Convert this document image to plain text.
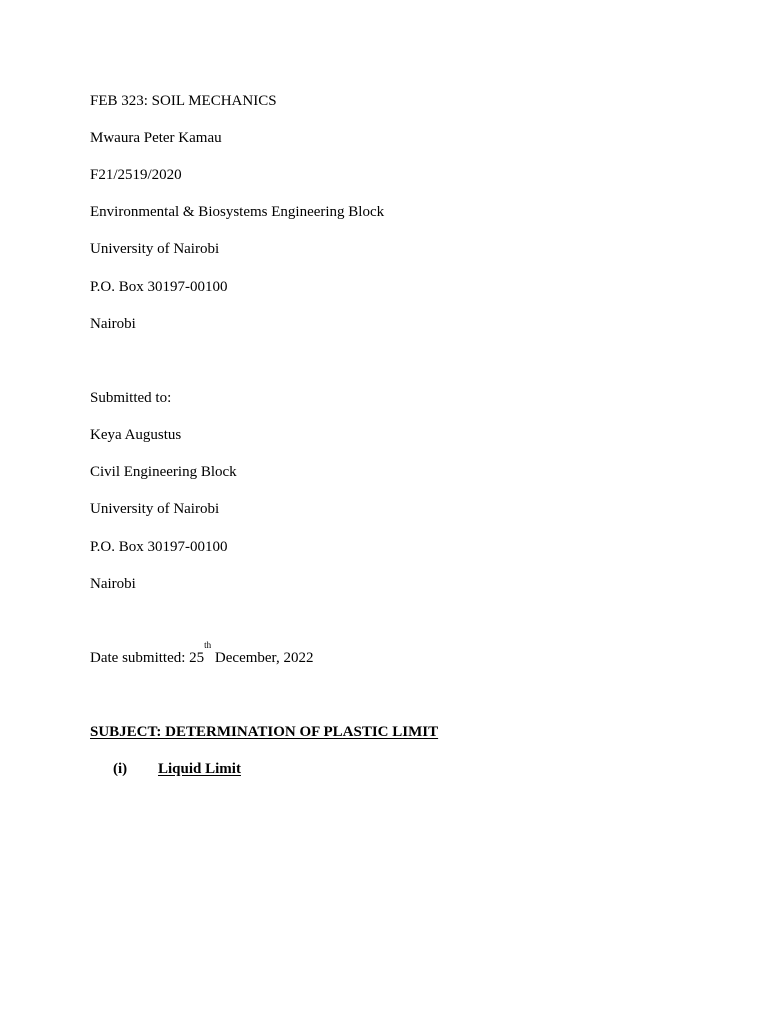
FEB 323: SOIL MECHANICS
Mwaura Peter Kamau
F21/2519/2020
Environmental & Biosystems Engineering Block
University of Nairobi
P.O. Box 30197-00100
Nairobi
Submitted to:
Keya Augustus
Civil Engineering Block
University of Nairobi
P.O. Box 30197-00100
Nairobi
Date submitted: 25th December, 2022
SUBJECT: DETERMINATION OF PLASTIC LIMIT
(i) Liquid Limit
